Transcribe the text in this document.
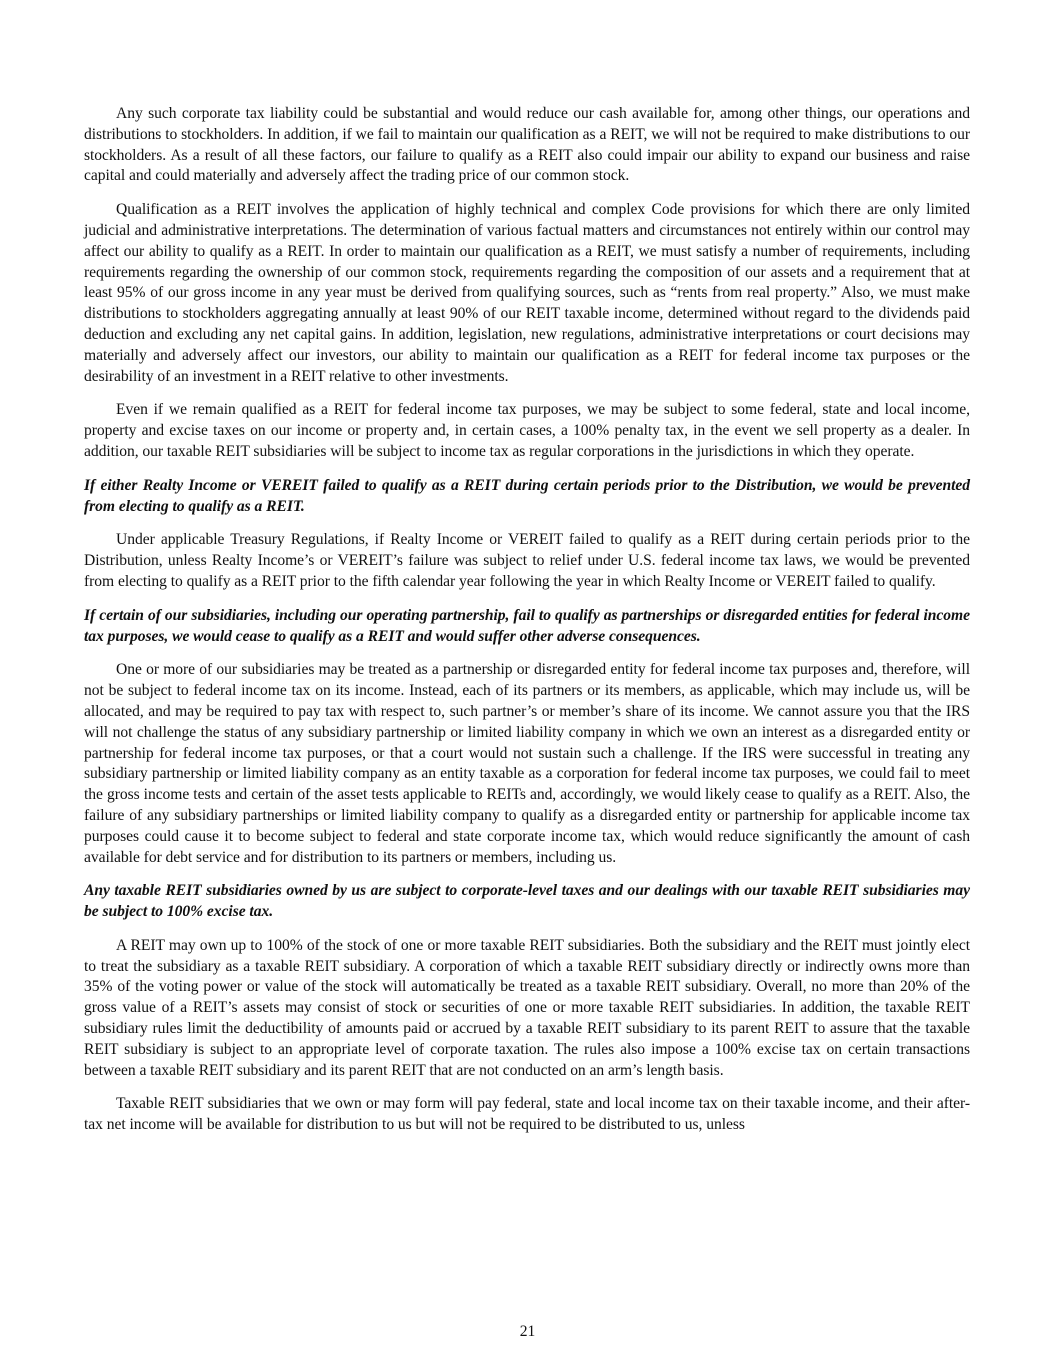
Any such corporate tax liability could be substantial and would reduce our cash available for, among other things, our operations and distributions to stockholders. In addition, if we fail to maintain our qualification as a REIT, we will not be required to make distributions to our stockholders. As a result of all these factors, our failure to qualify as a REIT also could impair our ability to expand our business and raise capital and could materially and adversely affect the trading price of our common stock.

Qualification as a REIT involves the application of highly technical and complex Code provisions for which there are only limited judicial and administrative interpretations. The determination of various factual matters and circumstances not entirely within our control may affect our ability to qualify as a REIT. In order to maintain our qualification as a REIT, we must satisfy a number of requirements, including requirements regarding the ownership of our common stock, requirements regarding the composition of our assets and a requirement that at least 95% of our gross income in any year must be derived from qualifying sources, such as “rents from real property.” Also, we must make distributions to stockholders aggregating annually at least 90% of our REIT taxable income, determined without regard to the dividends paid deduction and excluding any net capital gains. In addition, legislation, new regulations, administrative interpretations or court decisions may materially and adversely affect our investors, our ability to maintain our qualification as a REIT for federal income tax purposes or the desirability of an investment in a REIT relative to other investments.

Even if we remain qualified as a REIT for federal income tax purposes, we may be subject to some federal, state and local income, property and excise taxes on our income or property and, in certain cases, a 100% penalty tax, in the event we sell property as a dealer. In addition, our taxable REIT subsidiaries will be subject to income tax as regular corporations in the jurisdictions in which they operate.

If either Realty Income or VEREIT failed to qualify as a REIT during certain periods prior to the Distribution, we would be prevented from electing to qualify as a REIT.

Under applicable Treasury Regulations, if Realty Income or VEREIT failed to qualify as a REIT during certain periods prior to the Distribution, unless Realty Income’s or VEREIT’s failure was subject to relief under U.S. federal income tax laws, we would be prevented from electing to qualify as a REIT prior to the fifth calendar year following the year in which Realty Income or VEREIT failed to qualify.

If certain of our subsidiaries, including our operating partnership, fail to qualify as partnerships or disregarded entities for federal income tax purposes, we would cease to qualify as a REIT and would suffer other adverse consequences.

One or more of our subsidiaries may be treated as a partnership or disregarded entity for federal income tax purposes and, therefore, will not be subject to federal income tax on its income. Instead, each of its partners or its members, as applicable, which may include us, will be allocated, and may be required to pay tax with respect to, such partner’s or member’s share of its income. We cannot assure you that the IRS will not challenge the status of any subsidiary partnership or limited liability company in which we own an interest as a disregarded entity or partnership for federal income tax purposes, or that a court would not sustain such a challenge. If the IRS were successful in treating any subsidiary partnership or limited liability company as an entity taxable as a corporation for federal income tax purposes, we could fail to meet the gross income tests and certain of the asset tests applicable to REITs and, accordingly, we would likely cease to qualify as a REIT. Also, the failure of any subsidiary partnerships or limited liability company to qualify as a disregarded entity or partnership for applicable income tax purposes could cause it to become subject to federal and state corporate income tax, which would reduce significantly the amount of cash available for debt service and for distribution to its partners or members, including us.

Any taxable REIT subsidiaries owned by us are subject to corporate-level taxes and our dealings with our taxable REIT subsidiaries may be subject to 100% excise tax.

A REIT may own up to 100% of the stock of one or more taxable REIT subsidiaries. Both the subsidiary and the REIT must jointly elect to treat the subsidiary as a taxable REIT subsidiary. A corporation of which a taxable REIT subsidiary directly or indirectly owns more than 35% of the voting power or value of the stock will automatically be treated as a taxable REIT subsidiary. Overall, no more than 20% of the gross value of a REIT’s assets may consist of stock or securities of one or more taxable REIT subsidiaries. In addition, the taxable REIT subsidiary rules limit the deductibility of amounts paid or accrued by a taxable REIT subsidiary to its parent REIT to assure that the taxable REIT subsidiary is subject to an appropriate level of corporate taxation. The rules also impose a 100% excise tax on certain transactions between a taxable REIT subsidiary and its parent REIT that are not conducted on an arm’s length basis.

Taxable REIT subsidiaries that we own or may form will pay federal, state and local income tax on their taxable income, and their after-tax net income will be available for distribution to us but will not be required to be distributed to us, unless

21
